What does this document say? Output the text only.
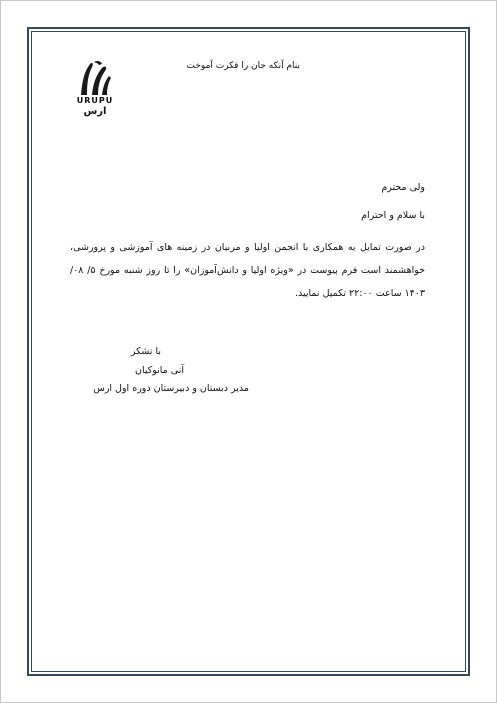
URUPU
ارس
بنام آنکه جان را فکرت آموخت
ولی محترم
با سلام و احترام
در صورت تمایل به همکاری با انجمن اولیا و مربیان در زمینه های آموزشی و پرورشی، خواهشمند است فرم پیوست در «ویژه اولیا و دانش‌آموزان» را تا روز شنبه مورخ ۵/ ۰۸/ ۱۴۰۳ ساعت ۲۲:۰۰ تکمیل نمایید.
با تشکر
آنی مانوکیان
مدیر دبستان و دبیرستان دوره اول ارس
